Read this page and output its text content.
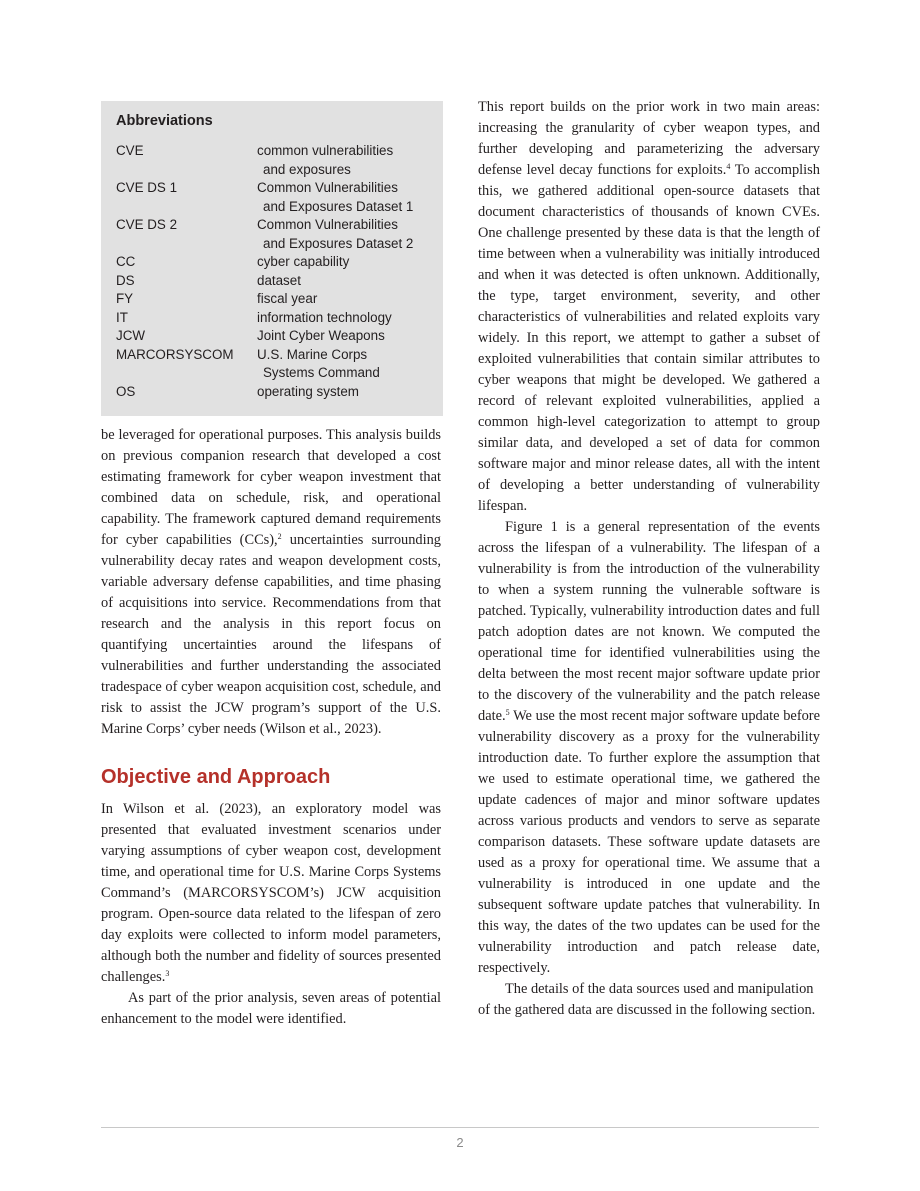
Abbreviations
CVE	common vulnerabilities
and exposures
CVE DS 1	Common Vulnerabilities
and Exposures Dataset 1
CVE DS 2	Common Vulnerabilities
and Exposures Dataset 2
CC	cyber capability
DS	dataset
FY	fiscal year
IT	information technology
JCW	Joint Cyber Weapons
MARCORSYSCOM	U.S. Marine Corps
Systems Command
OS	operating system

be leveraged for operational purposes. This analysis builds on previous companion research that developed a cost estimating framework for cyber weapon investment that combined data on schedule, risk, and operational capability. The framework captured demand requirements for cyber capabilities (CCs),$^2$ uncertainties surrounding vulnerability decay rates and weapon development costs, variable adversary defense capabilities, and time phasing of acquisitions into service. Recommendations from that research and the analysis in this report focus on quantifying uncertainties around the lifespans of vulnerabilities and further understanding the associated tradespace of cyber weapon acquisition cost, schedule, and risk to assist the JCW program’s support of the U.S. Marine Corps’ cyber needs (Wilson et al., 2023).

Objective and Approach

In Wilson et al. (2023), an exploratory model was presented that evaluated investment scenarios under varying assumptions of cyber weapon cost, development time, and operational time for U.S. Marine Corps Systems Command’s (MARCORSYSCOM’s) JCW acquisition program. Open-source data related to the lifespan of zero day exploits were collected to inform model parameters, although both the number and fidelity of sources presented challenges.$^3$

As part of the prior analysis, seven areas of potential enhancement to the model were identified.

This report builds on the prior work in two main areas: increasing the granularity of cyber weapon types, and further developing and parameterizing the adversary defense level decay functions for exploits.$^4$ To accomplish this, we gathered additional open-source datasets that document characteristics of thousands of known CVEs. One challenge presented by these data is that the length of time between when a vulnerability was initially introduced and when it was detected is often unknown. Additionally, the type, target environment, severity, and other characteristics of vulnerabilities and related exploits vary widely. In this report, we attempt to gather a subset of exploited vulnerabilities that contain similar attributes to cyber weapons that might be developed. We gathered a record of relevant exploited vulnerabilities, applied a common high-level categorization to attempt to group similar data, and developed a set of data for common software major and minor release dates, all with the intent of developing a better understanding of vulnerability lifespan.

Figure 1 is a general representation of the events across the lifespan of a vulnerability. The lifespan of a vulnerability is from the introduction of the vulnerability to when a system running the vulnerable software is patched. Typically, vulnerability introduction dates and full patch adoption dates are not known. We computed the operational time for identified vulnerabilities using the delta between the most recent major software update prior to the discovery of the vulnerability and the patch release date.$^5$ We use the most recent major software update before vulnerability discovery as a proxy for the vulnerability introduction date. To further explore the assumption that we used to estimate operational time, we gathered the update cadences of major and minor software updates across various products and vendors to serve as separate comparison datasets. These software update datasets are used as a proxy for operational time. We assume that a vulnerability is introduced in one update and the subsequent software update patches that vulnerability. In this way, the dates of the two updates can be used for the vulnerability introduction and patch release date, respectively.

The details of the data sources used and manipulation of the gathered data are discussed in the following section.

2
